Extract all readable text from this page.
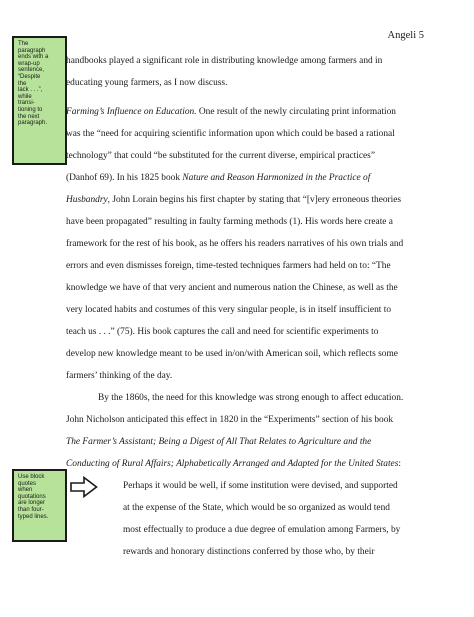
Angeli 5

The
paragraph
ends with a
wrap-up
sentence,
“Despite
the
lack . . .”,
while
transi-
tioning to
the next
paragraph.

Use block
quotes
when
quotations
are longer
than four-
typed lines.

handbooks played a significant role in distributing knowledge among farmers and in
educating young farmers, as I now discuss.
Farming’s Influence on Education. One result of the newly circulating print information
was the “need for acquiring scientific information upon which could be based a rational
technology” that could “be substituted for the current diverse, empirical practices”
(Danhof 69). In his 1825 book Nature and Reason Harmonized in the Practice of
Husbandry, John Lorain begins his first chapter by stating that “[v]ery erroneous theories
have been propagated” resulting in faulty farming methods (1). His words here create a
framework for the rest of his book, as he offers his readers narratives of his own trials and
errors and even dismisses foreign, time-tested techniques farmers had held on to: “The
knowledge we have of that very ancient and numerous nation the Chinese, as well as the
very located habits and costumes of this very singular people, is in itself insufficient to
teach us . . .” (75). His book captures the call and need for scientific experiments to
develop new knowledge meant to be used in/on/with American soil, which reflects some
farmers’ thinking of the day.
By the 1860s, the need for this knowledge was strong enough to affect education.
John Nicholson anticipated this effect in 1820 in the “Experiments” section of his book
The Farmer’s Assistant; Being a Digest of All That Relates to Agriculture and the
Conducting of Rural Affairs; Alphabetically Arranged and Adapted for the United States:
Perhaps it would be well, if some institution were devised, and supported
at the expense of the State, which would be so organized as would tend
most effectually to produce a due degree of emulation among Farmers, by
rewards and honorary distinctions conferred by those who, by their
